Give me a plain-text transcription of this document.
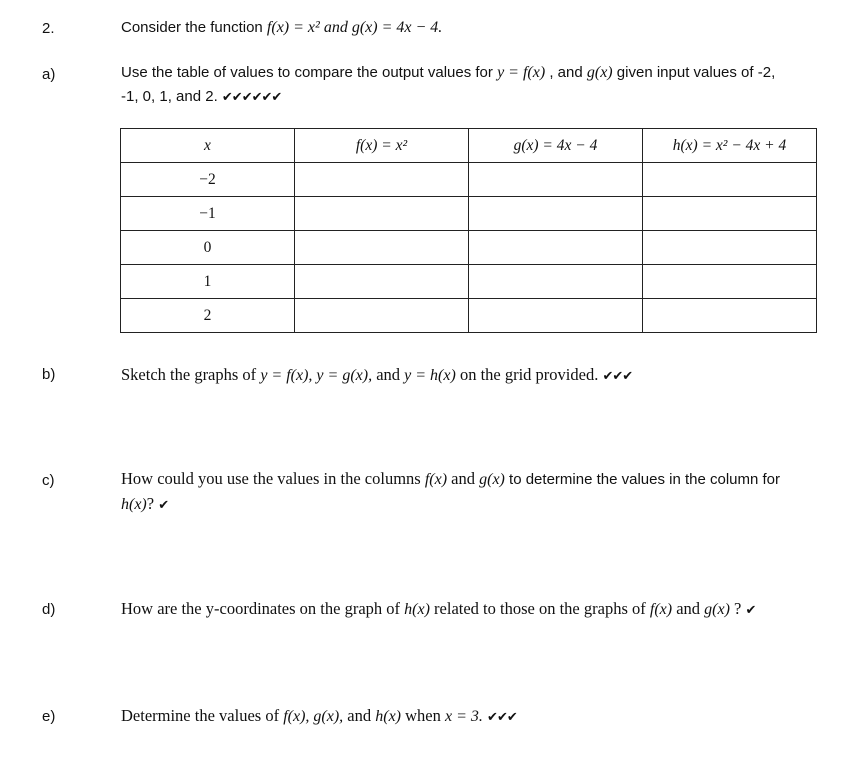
2.	Consider the function f(x) = x² and g(x) = 4x − 4.
a)	Use the table of values to compare the output values for y = f(x) , and g(x) given input values of -2,
-1, 0, 1, and 2. ✔✔✔✔✔✔
x	f(x) = x²	g(x) = 4x − 4	h(x) = x² − 4x + 4
−2			
−1			
0			
1			
2			
b)	Sketch the graphs of y = f(x), y = g(x), and y = h(x) on the grid provided. ✔✔✔
c)	How could you use the values in the columns f(x) and g(x) to determine the values in the column for
h(x)? ✔
d)	How are the y-coordinates on the graph of h(x) related to those on the graphs of f(x) and g(x) ? ✔
e)	Determine the values of f(x), g(x), and h(x) when x = 3. ✔✔✔
